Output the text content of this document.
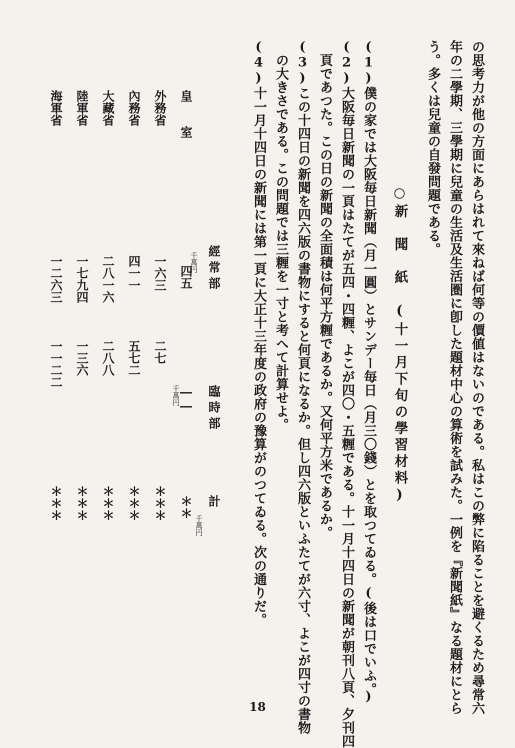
の思考力が他の方面にあらはれて來ねば何等の價値はないのである。私はこの弊に陷ることを避くるため尋常六
年の二學期、三學期に兒童の生活及生活圏に卽した題材中心の算術を試みた。一例を『新聞紙』なる題材にとら
う。多くは兒童の自發問題である。
○新　聞　紙　(十一月下旬の學習材料)
(1)僕の家では大阪毎日新聞（月一圓）とサンデー毎日（月三〇錢）とを取つてゐる。(後は口でいふ。)
(2)大阪毎日新聞の一頁はたてが五四・四糎、よこが四〇・五糎である。十一月十四日の新聞が朝刊八頁、夕刊四
　頁であつた。この日の新聞の全面積は何平方糎であるか。又何平方米であるか。
(3)この十四日の新聞を四六版の書物にすると何頁になるか。但し四六版といふたてが六寸、よこが四寸の書物
　の大きさである。この問題では三糎を一寸と考へて計算せよ。
(4)十一月十四日の新聞には第一頁に大正十三年度の政府の豫算がのつてゐる。次の通りだ。
經常部
臨時部
計
皇　室
四五
千萬円
――
千萬円
＊＊
千萬円
外務省
一六三
二七
＊＊＊
內務省
四一一
五七二
＊＊＊
大藏省
二八一六
二八八
＊＊＊
陸軍省
一七九四
一三六
＊＊＊
海軍省
一二六三
一一二二
＊＊＊
18
